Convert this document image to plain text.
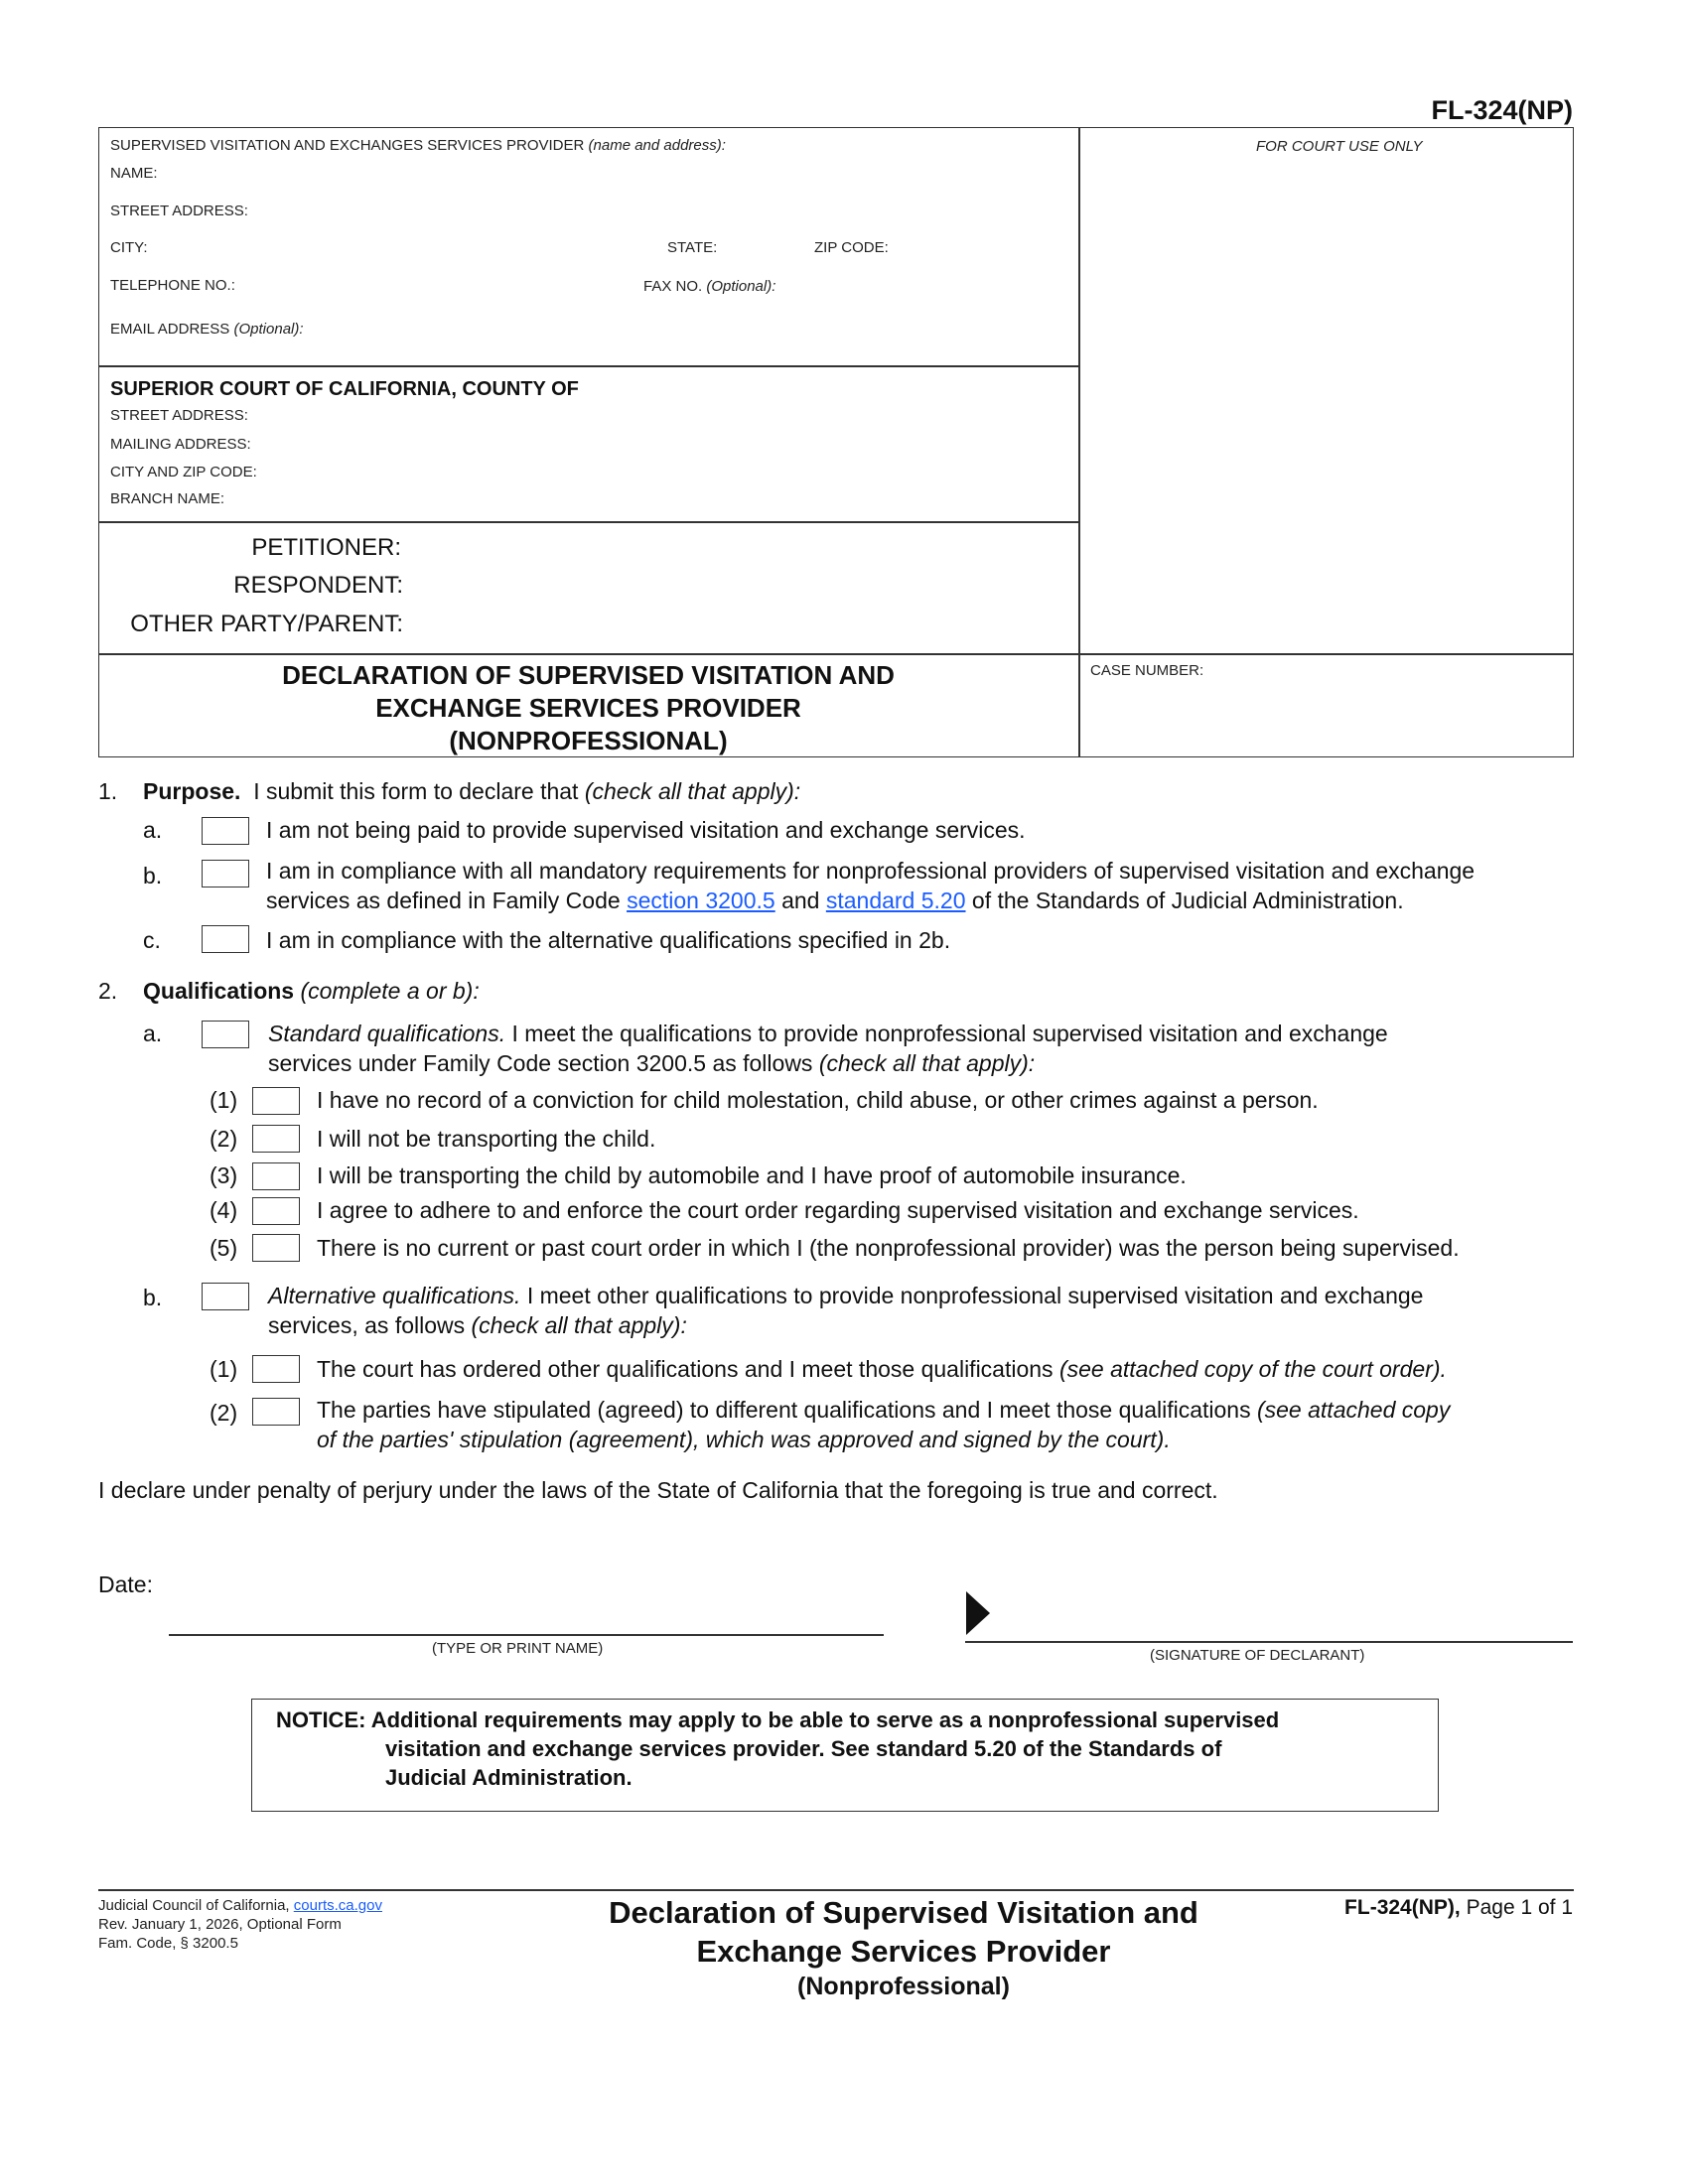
FL-324(NP)
SUPERVISED VISITATION AND EXCHANGES SERVICES PROVIDER (name and address):
NAME:
STREET ADDRESS:
CITY:	STATE:	ZIP CODE:
TELEPHONE NO.:	FAX NO. (Optional):
EMAIL ADDRESS (Optional):
FOR COURT USE ONLY
SUPERIOR COURT OF CALIFORNIA, COUNTY OF
STREET ADDRESS:
MAILING ADDRESS:
CITY AND ZIP CODE:
BRANCH NAME:
PETITIONER:
RESPONDENT:
OTHER PARTY/PARENT:
DECLARATION OF SUPERVISED VISITATION AND
EXCHANGE SERVICES PROVIDER
(NONPROFESSIONAL)
CASE NUMBER:
1. Purpose. I submit this form to declare that (check all that apply):
a.	I am not being paid to provide supervised visitation and exchange services.
b.	I am in compliance with all mandatory requirements for nonprofessional providers of supervised visitation and exchange
services as defined in Family Code section 3200.5 and standard 5.20 of the Standards of Judicial Administration.
c.	I am in compliance with the alternative qualifications specified in 2b.
2. Qualifications (complete a or b):
a.	Standard qualifications. I meet the qualifications to provide nonprofessional supervised visitation and exchange
services under Family Code section 3200.5 as follows (check all that apply):
(1)	I have no record of a conviction for child molestation, child abuse, or other crimes against a person.
(2)	I will not be transporting the child.
(3)	I will be transporting the child by automobile and I have proof of automobile insurance.
(4)	I agree to adhere to and enforce the court order regarding supervised visitation and exchange services.
(5)	There is no current or past court order in which I (the nonprofessional provider) was the person being supervised.
b.	Alternative qualifications. I meet other qualifications to provide nonprofessional supervised visitation and exchange
services, as follows (check all that apply):
(1)	The court has ordered other qualifications and I meet those qualifications (see attached copy of the court order).
(2)	The parties have stipulated (agreed) to different qualifications and I meet those qualifications (see attached copy
of the parties' stipulation (agreement), which was approved and signed by the court).
I declare under penalty of perjury under the laws of the State of California that the foregoing is true and correct.
Date:
(TYPE OR PRINT NAME)	(SIGNATURE OF DECLARANT)
NOTICE: Additional requirements may apply to be able to serve as a nonprofessional supervised
visitation and exchange services provider. See standard 5.20 of the Standards of
Judicial Administration.
Judicial Council of California, courts.ca.gov
Rev. January 1, 2026, Optional Form
Fam. Code, § 3200.5
Declaration of Supervised Visitation and
Exchange Services Provider
(Nonprofessional)
FL-324(NP), Page 1 of 1
